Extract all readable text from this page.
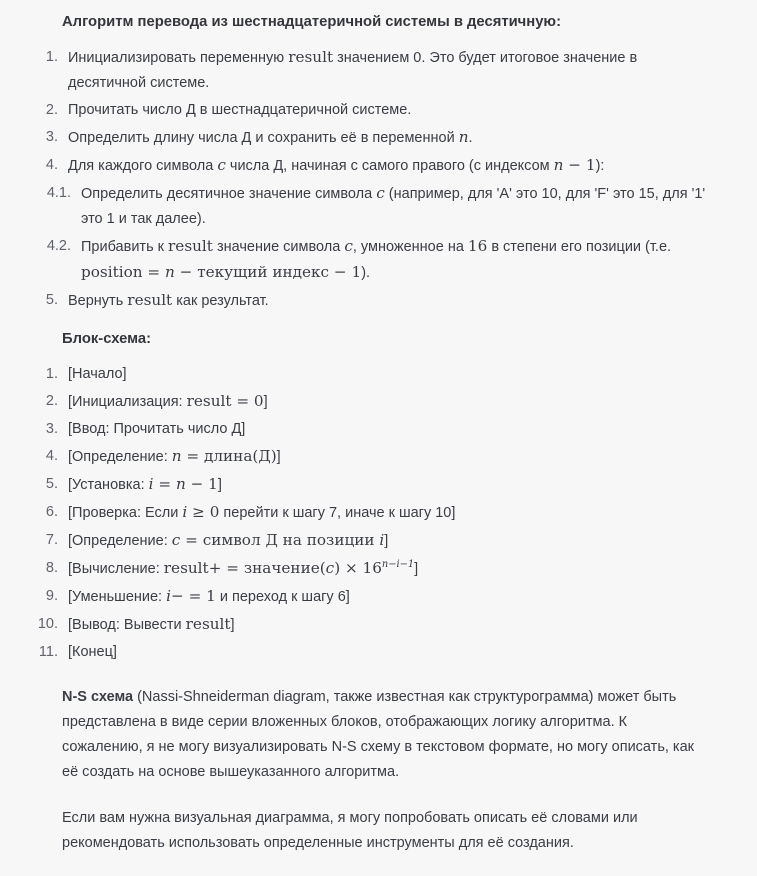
Алгоритм перевода из шестнадцатеричной системы в десятичную:

1. Инициализировать переменную result значением 0. Это будет итоговое значение в десятичной системе.
2. Прочитать число Д в шестнадцатеричной системе.
3. Определить длину числа Д и сохранить её в переменной n.
4. Для каждого символа c числа Д, начиная с самого правого (с индексом n − 1):
4.1. Определить десятичное значение символа c (например, для 'A' это 10, для 'F' это 15, для '1' это 1 и так далее).
4.2. Прибавить к result значение символа c, умноженное на 16 в степени его позиции (т.е. position = n − текущий индекс − 1).
5. Вернуть result как результат.

Блок-схема:

1. [Начало]
2. [Инициализация: result = 0]
3. [Ввод: Прочитать число Д]
4. [Определение: n = длина(Д)]
5. [Установка: i = n − 1]
6. [Проверка: Если i ≥ 0 перейти к шагу 7, иначе к шагу 10]
7. [Определение: c = символ Д на позиции i]
8. [Вычисление: result+ = значение(c) × $16^{n-i-1}$]
9. [Уменьшение: i− = 1 и переход к шагу 6]
10. [Вывод: Вывести result]
11. [Конец]

N-S схема (Nassi-Shneiderman diagram, также известная как структурограмма) может быть представлена в виде серии вложенных блоков, отображающих логику алгоритма. К сожалению, я не могу визуализировать N-S схему в текстовом формате, но могу описать, как её создать на основе вышеуказанного алгоритма.

Если вам нужна визуальная диаграмма, я могу попробовать описать её словами или рекомендовать использовать определенные инструменты для её создания.
